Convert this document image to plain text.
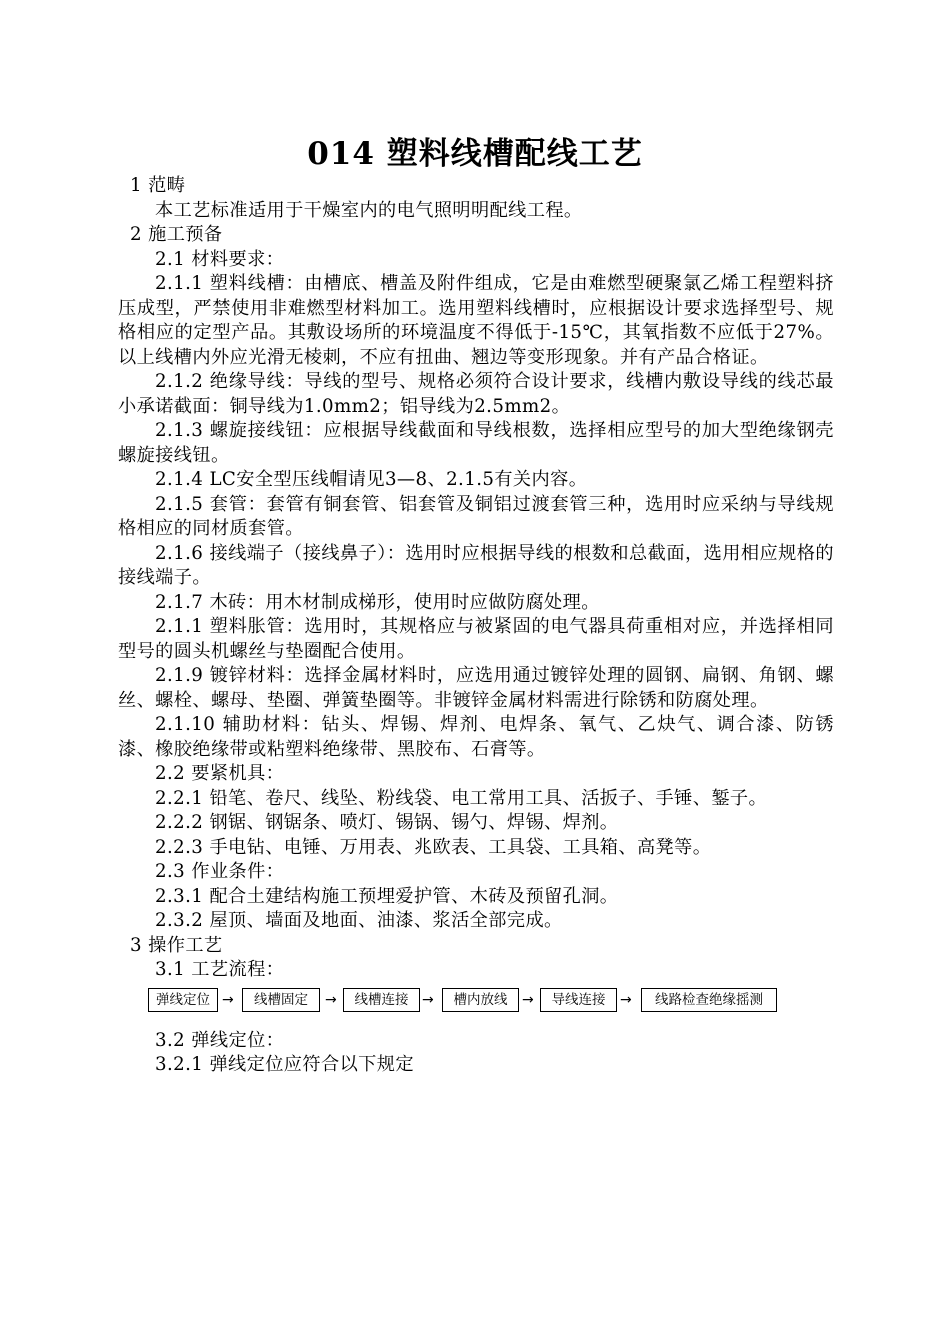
014 塑料线槽配线工艺

1 范畴

本工艺标准适用于干燥室内的电气照明明配线工程。

2 施工预备

2.1 材料要求：

2.1.1 塑料线槽：由槽底、槽盖及附件组成，它是由难燃型硬聚氯乙烯工程塑料挤压成型，严禁使用非难燃型材料加工。选用塑料线槽时，应根据设计要求选择型号、规格相应的定型产品。其敷设场所的环境温度不得低于-15℃，其氧指数不应低于27%。以上线槽内外应光滑无棱刺，不应有扭曲、翘边等变形现象。并有产品合格证。

2.1.2 绝缘导线：导线的型号、规格必须符合设计要求，线槽内敷设导线的线芯最小承诺截面：铜导线为1.0mm2；铝导线为2.5mm2。

2.1.3 螺旋接线钮：应根据导线截面和导线根数，选择相应型号的加大型绝缘钢壳螺旋接线钮。

2.1.4 LC安全型压线帽请见3—8、2.1.5有关内容。

2.1.5 套管：套管有铜套管、铝套管及铜铝过渡套管三种，选用时应采纳与导线规格相应的同材质套管。

2.1.6 接线端子（接线鼻子）：选用时应根据导线的根数和总截面，选用相应规格的接线端子。

2.1.7 木砖：用木材制成梯形，使用时应做防腐处理。

2.1.1 塑料胀管：选用时，其规格应与被紧固的电气器具荷重相对应，并选择相同型号的圆头机螺丝与垫圈配合使用。

2.1.9 镀锌材料：选择金属材料时，应选用通过镀锌处理的圆钢、扁钢、角钢、螺丝、螺栓、螺母、垫圈、弹簧垫圈等。非镀锌金属材料需进行除锈和防腐处理。

2.1.10 辅助材料：钻头、焊锡、焊剂、电焊条、氧气、乙炔气、调合漆、防锈漆、橡胶绝缘带或粘塑料绝缘带、黑胶布、石膏等。

2.2 要紧机具：

2.2.1 铅笔、卷尺、线坠、粉线袋、电工常用工具、活扳子、手锤、錾子。

2.2.2 钢锯、钢锯条、喷灯、锡锅、锡勺、焊锡、焊剂。

2.2.3 手电钻、电锤、万用表、兆欧表、工具袋、工具箱、高凳等。

2.3 作业条件：

2.3.1 配合土建结构施工预埋爱护管、木砖及预留孔洞。

2.3.2 屋顶、墙面及地面、油漆、浆活全部完成。

3 操作工艺

3.1 工艺流程：

弹线定位 →	线槽固定	→	线槽连接 →	槽内放线	→	导线连接	→	线路检查绝缘摇测

3.2 弹线定位：

3.2.1 弹线定位应符合以下规定
